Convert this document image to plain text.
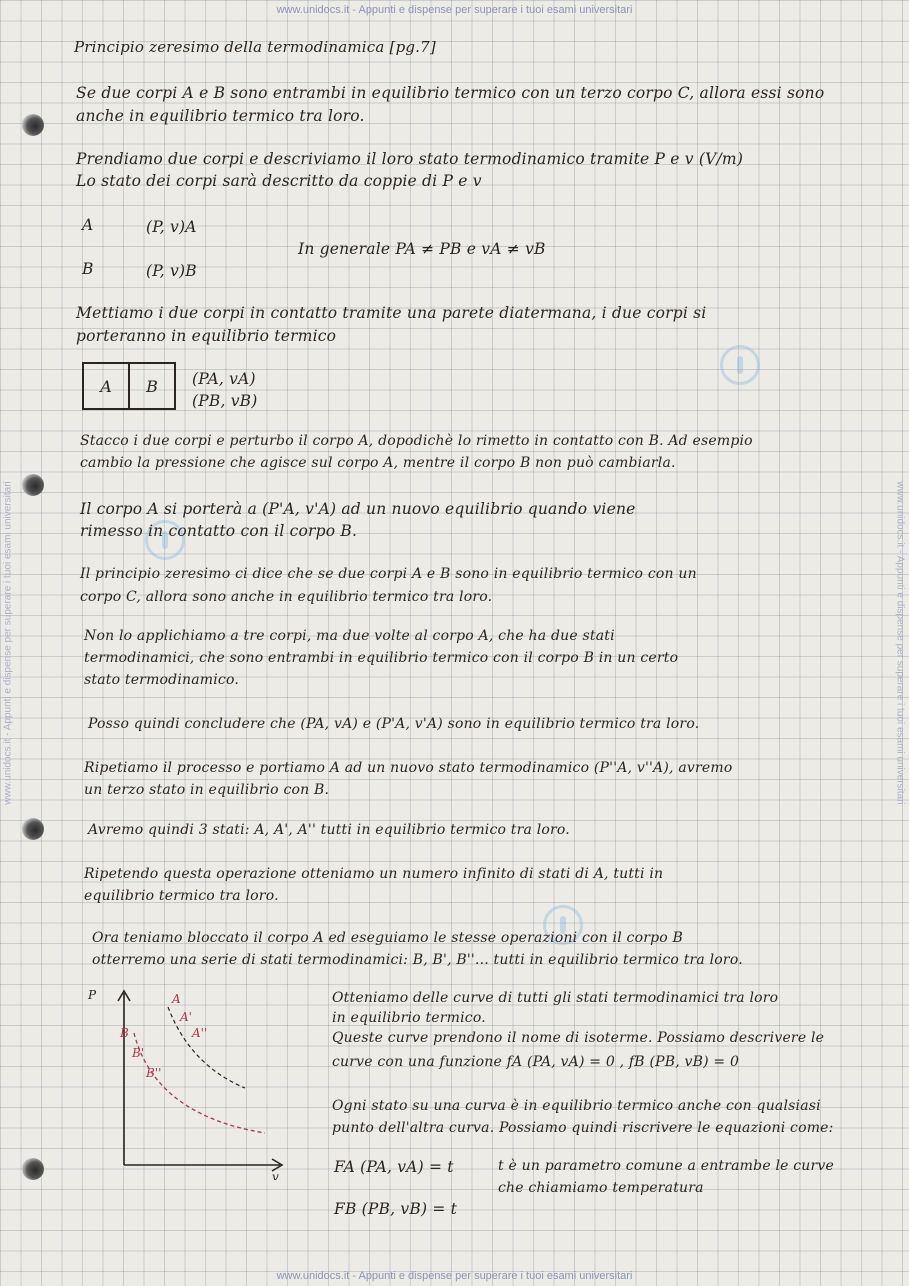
www.unidocs.it - Appunti e dispense per superare i tuoi esami universitari
www.unidocs.it - Appunti e dispense per superare i tuoi esami universitari
www.unidocs.it - Appunti e dispense per superare i tuoi esami universitari	www.unidocs.it - Appunti e dispense per superare i tuoi esami universitari
Principio zeresimo della termodinamica [pg.7]
Se due corpi A e B sono entrambi in equilibrio termico con un terzo corpo C, allora essi sono
anche in equilibrio termico tra loro.
Prendiamo due corpi e descriviamo il loro stato termodinamico tramite P e v (V/m)
Lo stato dei corpi sarà descritto da coppie di P e v
A	(P, v)A
In generale PA ≠ PB e vA ≠ vB
B	(P, v)B
Mettiamo i due corpi in contatto tramite una parete diatermana, i due corpi si
porteranno in equilibrio termico
A	B	(PA, vA)
(PB, vB)
Stacco i due corpi e perturbo il corpo A, dopodichè lo rimetto in contatto con B. Ad esempio
cambio la pressione che agisce sul corpo A, mentre il corpo B non può cambiarla.
Il corpo A si porterà a (P'A, v'A) ad un nuovo equilibrio quando viene
rimesso in contatto con il corpo B.
Il principio zeresimo ci dice che se due corpi A e B sono in equilibrio termico con un
corpo C, allora sono anche in equilibrio termico tra loro.
Non lo applichiamo a tre corpi, ma due volte al corpo A, che ha due stati
termodinamici, che sono entrambi in equilibrio termico con il corpo B in un certo
stato termodinamico.
Posso quindi concludere che (PA, vA) e (P'A, v'A) sono in equilibrio termico tra loro.
Ripetiamo il processo e portiamo A ad un nuovo stato termodinamico (P''A, v''A), avremo
un terzo stato in equilibrio con B.
Avremo quindi 3 stati: A, A', A'' tutti in equilibrio termico tra loro.
Ripetendo questa operazione otteniamo un numero infinito di stati di A, tutti in
equilibrio termico tra loro.
Ora teniamo bloccato il corpo A ed eseguiamo le stesse operazioni con il corpo B
otterremo una serie di stati termodinamici: B, B', B''... tutti in equilibrio termico tra loro.
P
v
A
A'
A''
B
B'
B''
Otteniamo delle curve di tutti gli stati termodinamici tra loro
in equilibrio termico.
Queste curve prendono il nome di isoterme. Possiamo descrivere le
curve con una funzione fA (PA, vA) = 0 , fB (PB, vB) = 0
Ogni stato su una curva è in equilibrio termico anche con qualsiasi
punto dell'altra curva. Possiamo quindi riscrivere le equazioni come:
FA (PA, vA) = t	t è un parametro comune a entrambe le curve
che chiamiamo temperatura
FB (PB, vB) = t
